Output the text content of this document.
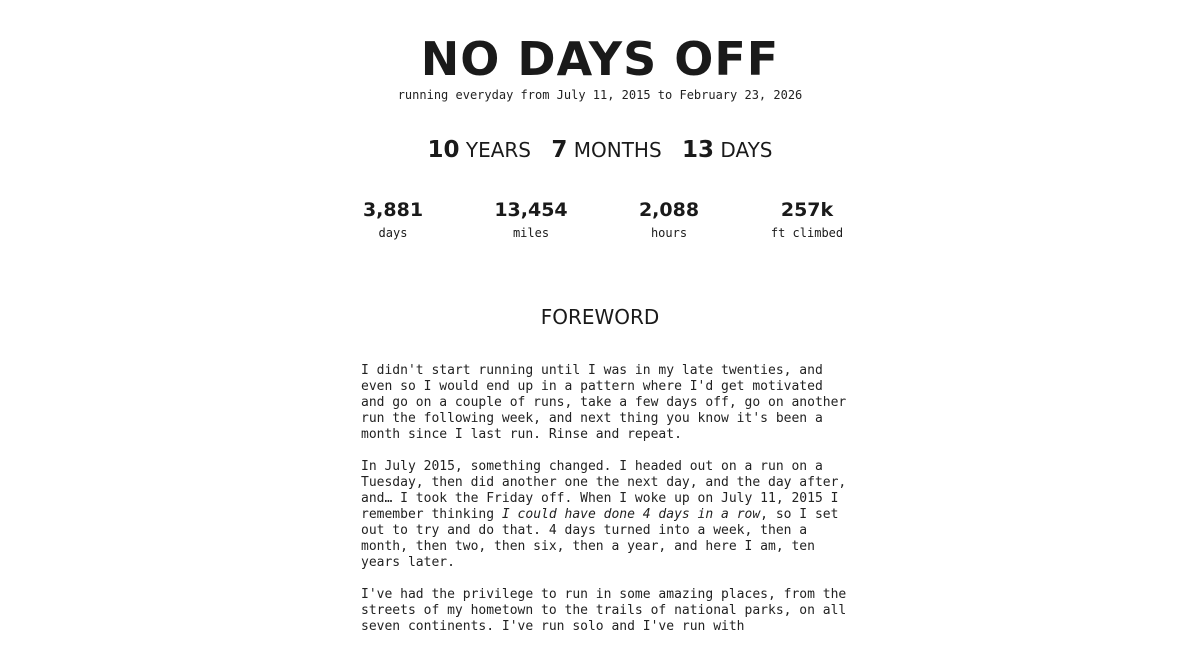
NO DAYS OFF
running everyday from July 11, 2015 to February 23, 2026
10 YEARS 7 MONTHS 13 DAYS
3,881
days
13,454
miles
2,088
hours
257k
ft climbed
FOREWORD

I didn't start running until I was in my late twenties, and even so I would end up in a pattern where I'd get motivated and go on a couple of runs, take a few days off, go on another run the following week, and next thing you know it's been a month since I last run. Rinse and repeat.

In July 2015, something changed. I headed out on a run on a Tuesday, then did another one the next day, and the day after, and… I took the Friday off. When I woke up on July 11, 2015 I remember thinking I could have done 4 days in a row, so I set out to try and do that. 4 days turned into a week, then a month, then two, then six, then a year, and here I am, ten years later.

I've had the privilege to run in some amazing places, from the streets of my hometown to the trails of national parks, on all seven continents. I've run solo and I've run with
